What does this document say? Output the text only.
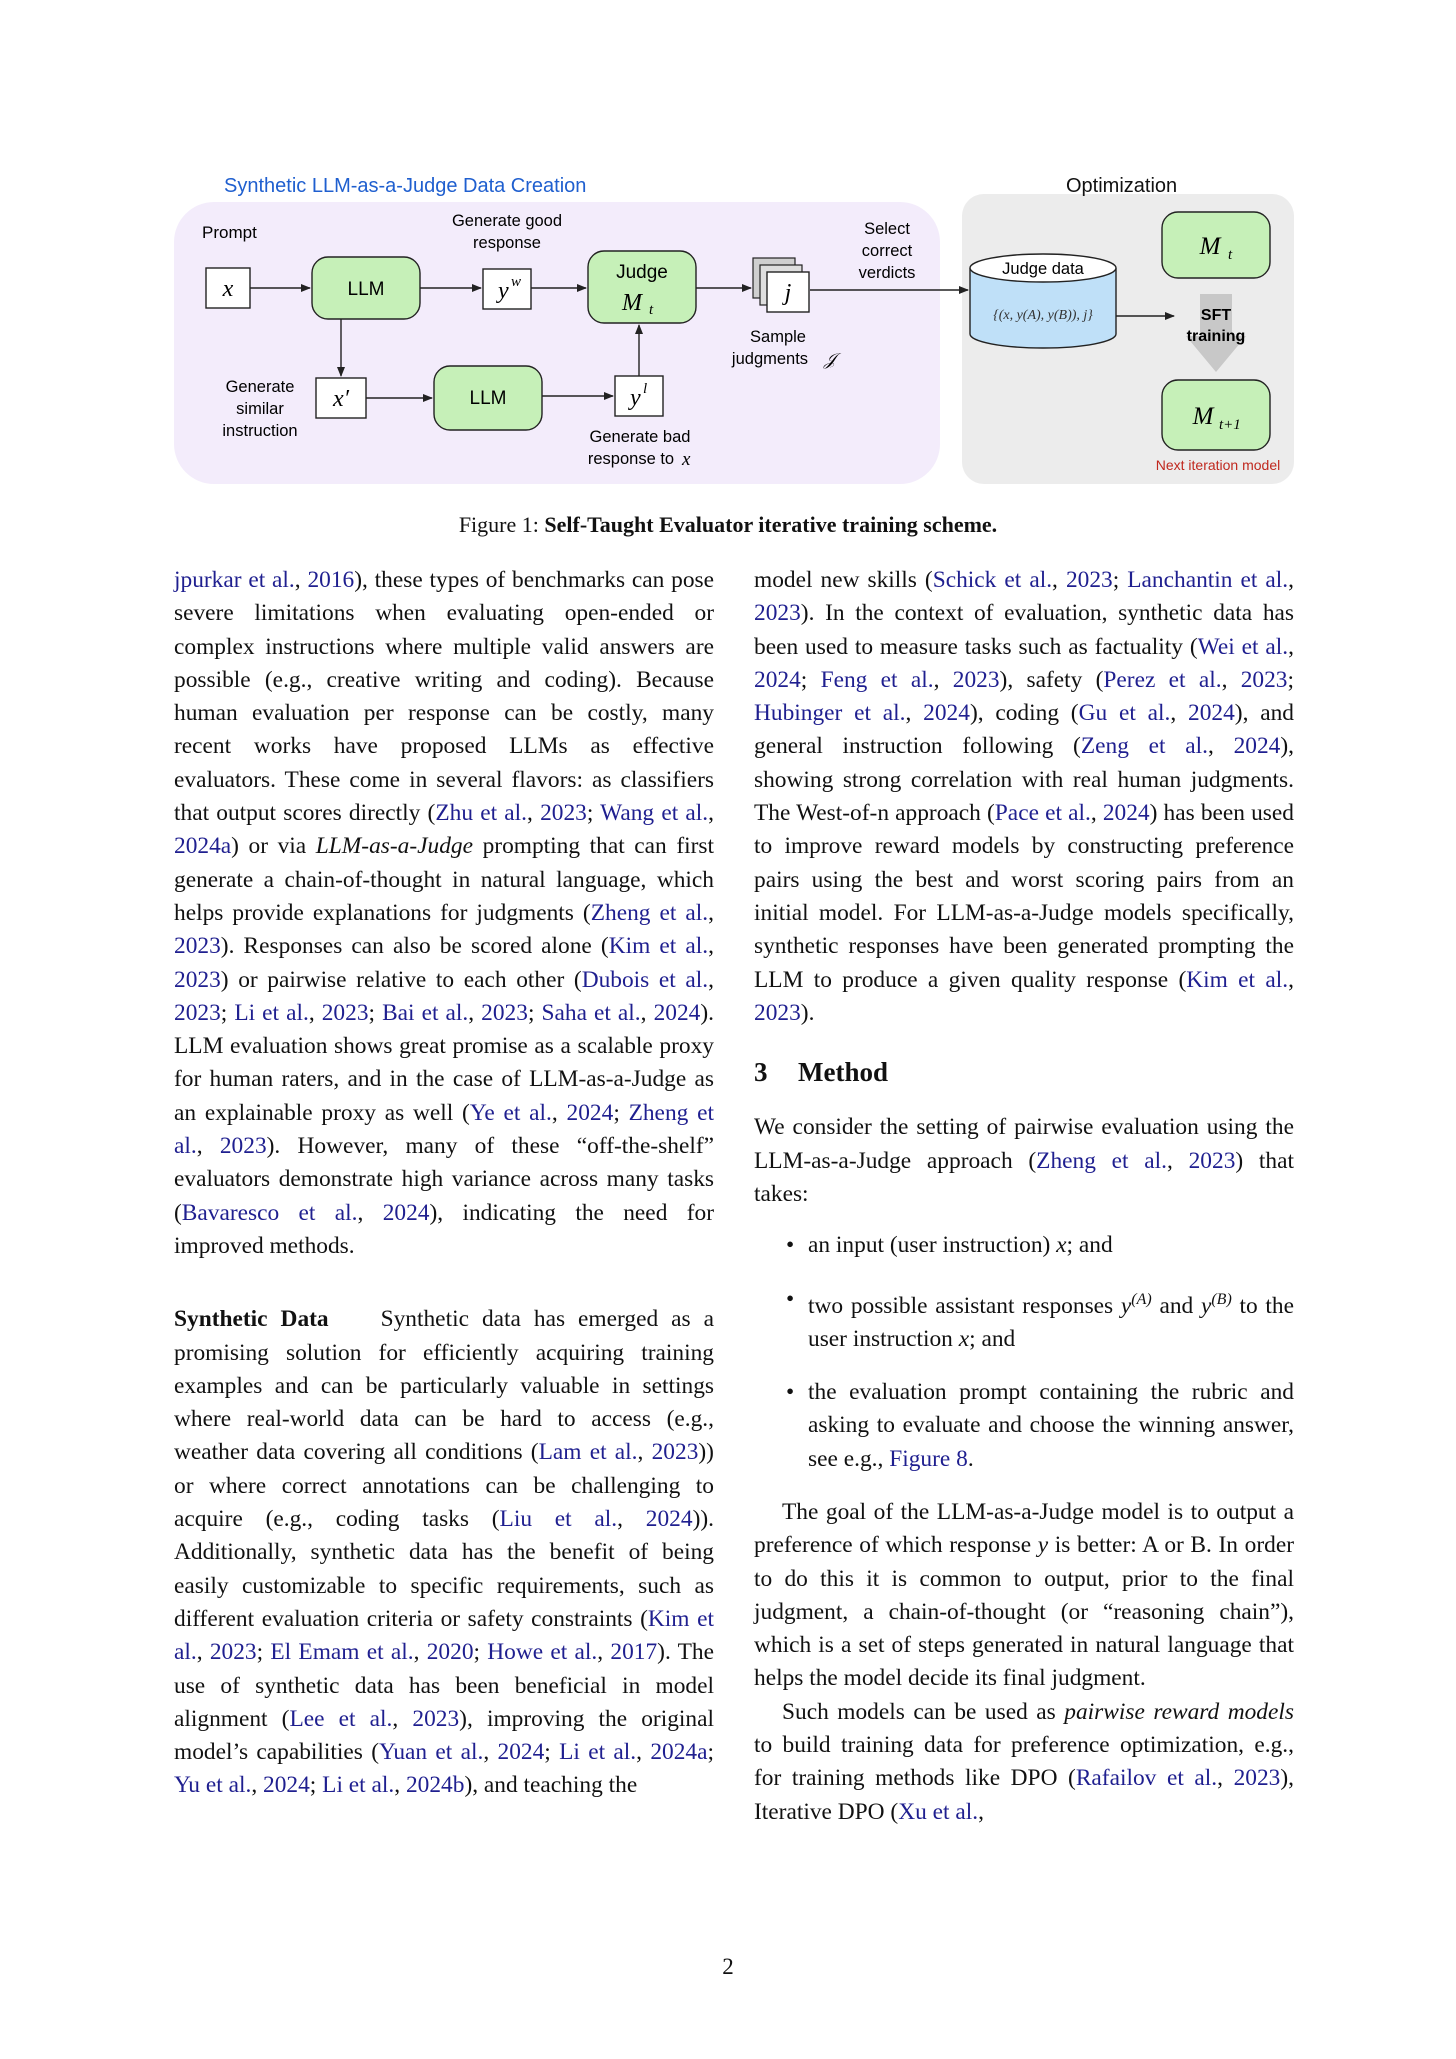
Synthetic LLM-as-a-Judge Data Creation	Optimization
Prompt
x	LLM
Generate good
response
y w	Judge
M t
Select
correct
verdicts
j
Sample
judgments 𝒥
Judge data
{(x, y(A), y(B)), j}
M t
SFT
training
M t+1
Next iteration model
Generate
similar
instruction
x′	LLM	y l
Generate bad
response to x
Figure 1: Self-Taught Evaluator iterative training scheme.

jpurkar et al., 2016), these types of benchmarks can pose severe limitations when evaluating open-ended or complex instructions where multiple valid answers are possible (e.g., creative writing and coding). Because human evaluation per response can be costly, many recent works have proposed LLMs as effective evaluators. These come in several flavors: as classifiers that output scores directly (Zhu et al., 2023; Wang et al., 2024a) or via LLM-as-a-Judge prompting that can first generate a chain-of-thought in natural language, which helps provide explanations for judgments (Zheng et al., 2023). Responses can also be scored alone (Kim et al., 2023) or pairwise relative to each other (Dubois et al., 2023; Li et al., 2023; Bai et al., 2023; Saha et al., 2024). LLM evaluation shows great promise as a scalable proxy for human raters, and in the case of LLM-as-a-Judge as an explainable proxy as well (Ye et al., 2024; Zheng et al., 2023). However, many of these “off-the-shelf” evaluators demonstrate high variance across many tasks (Bavaresco et al., 2024), indicating the need for improved methods.

Synthetic Data Synthetic data has emerged as a promising solution for efficiently acquiring training examples and can be particularly valuable in settings where real-world data can be hard to access (e.g., weather data covering all conditions (Lam et al., 2023)) or where correct annotations can be challenging to acquire (e.g., coding tasks (Liu et al., 2024)). Additionally, synthetic data has the benefit of being easily customizable to specific requirements, such as different evaluation criteria or safety constraints (Kim et al., 2023; El Emam et al., 2020; Howe et al., 2017). The use of synthetic data has been beneficial in model alignment (Lee et al., 2023), improving the original model’s capabilities (Yuan et al., 2024; Li et al., 2024a; Yu et al., 2024; Li et al., 2024b), and teaching the

model new skills (Schick et al., 2023; Lanchantin et al., 2023). In the context of evaluation, synthetic data has been used to measure tasks such as factuality (Wei et al., 2024; Feng et al., 2023), safety (Perez et al., 2023; Hubinger et al., 2024), coding (Gu et al., 2024), and general instruction following (Zeng et al., 2024), showing strong correlation with real human judgments. The West-of-n approach (Pace et al., 2024) has been used to improve reward models by constructing preference pairs using the best and worst scoring pairs from an initial model. For LLM-as-a-Judge models specifically, synthetic responses have been generated prompting the LLM to produce a given quality response (Kim et al., 2023).

3 Method

We consider the setting of pairwise evaluation using the LLM-as-a-Judge approach (Zheng et al., 2023) that takes:

• an input (user instruction) x; and
• two possible assistant responses $y^{(A)}$ and $y^{(B)}$ to the user instruction x; and
• the evaluation prompt containing the rubric and asking to evaluate and choose the winning answer, see e.g., Figure 8.

The goal of the LLM-as-a-Judge model is to output a preference of which response y is better: A or B. In order to do this it is common to output, prior to the final judgment, a chain-of-thought (or “reasoning chain”), which is a set of steps generated in natural language that helps the model decide its final judgment.

Such models can be used as pairwise reward models to build training data for preference optimization, e.g., for training methods like DPO (Rafailov et al., 2023), Iterative DPO (Xu et al.,

2
